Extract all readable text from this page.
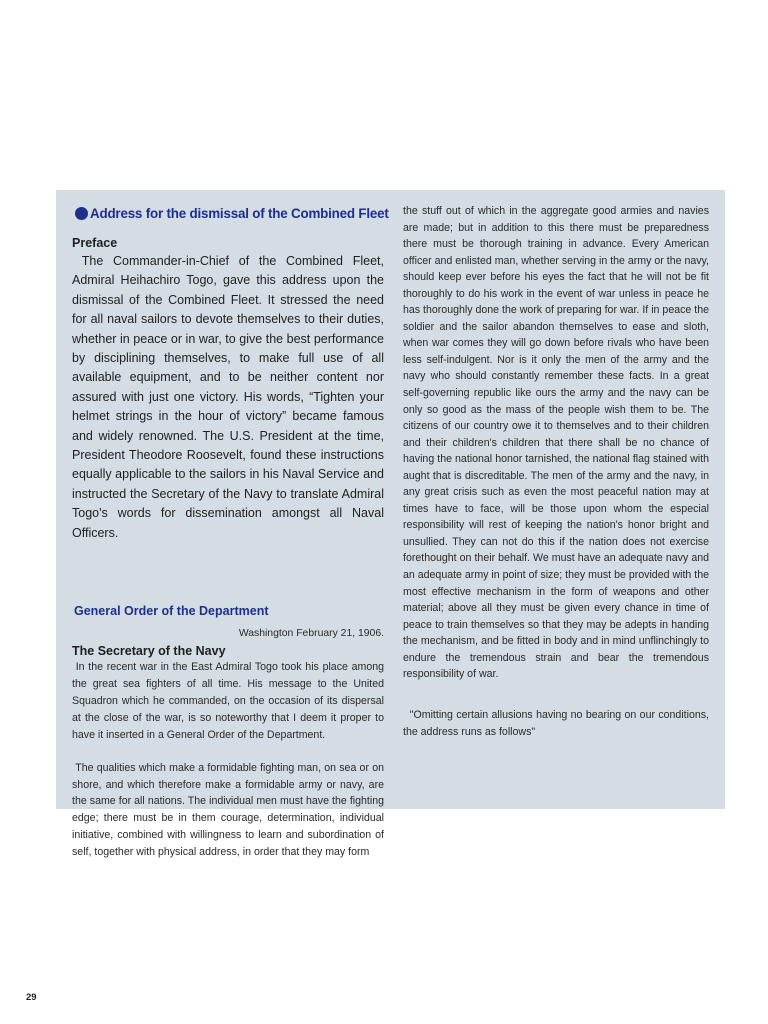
Address for the dismissal of the Combined Fleet
Preface

The Commander-in-Chief of the Combined Fleet, Admiral Heihachiro Togo, gave this address upon the dismissal of the Combined Fleet. It stressed the need for all naval sailors to devote themselves to their duties, whether in peace or in war, to give the best performance by disciplining themselves, to make full use of all available equipment, and to be neither content nor assured with just one victory. His words, “Tighten your helmet strings in the hour of victory” became famous and widely renowned. The U.S. President at the time, President Theodore Roosevelt, found these instructions equally applicable to the sailors in his Naval Service and instructed the Secretary of the Navy to translate Admiral Togo's words for dissemination amongst all Naval Officers.

General Order of the Department

Washington February 21, 1906.

The Secretary of the Navy

In the recent war in the East Admiral Togo took his place among the great sea fighters of all time. His message to the United Squadron which he commanded, on the occasion of its dispersal at the close of the war, is so noteworthy that I deem it proper to have it inserted in a General Order of the Department.

The qualities which make a formidable fighting man, on sea or on shore, and which therefore make a formidable army or navy, are the same for all nations. The individual men must have the fighting edge; there must be in them courage, determination, individual initiative, combined with willingness to learn and subordination of self, together with physical address, in order that they may form

the stuff out of which in the aggregate good armies and navies are made; but in addition to this there must be preparedness there must be thorough training in advance. Every American officer and enlisted man, whether serving in the army or the navy, should keep ever before his eyes the fact that he will not be fit thoroughly to do his work in the event of war unless in peace he has thoroughly done the work of preparing for war. If in peace the soldier and the sailor abandon themselves to ease and sloth, when war comes they will go down before rivals who have been less self-indulgent. Nor is it only the men of the army and the navy who should constantly remember these facts. In a great self-governing republic like ours the army and the navy can be only so good as the mass of the people wish them to be. The citizens of our country owe it to themselves and to their children and their children's children that there shall be no chance of having the national honor tarnished, the national flag stained with aught that is discreditable. The men of the army and the navy, in any great crisis such as even the most peaceful nation may at times have to face, will be those upon whom the especial responsibility will rest of keeping the nation's honor bright and unsullied. They can not do this if the nation does not exercise forethought on their behalf. We must have an adequate navy and an adequate army in point of size; they must be provided with the most effective mechanism in the form of weapons and other material; above all they must be given every chance in time of peace to train themselves so that they may be adepts in handing the mechanism, and be fitted in body and in mind unflinchingly to endure the tremendous strain and bear the tremendous responsibility of war.

"Omitting certain allusions having no bearing on our conditions, the address runs as follows"

29
